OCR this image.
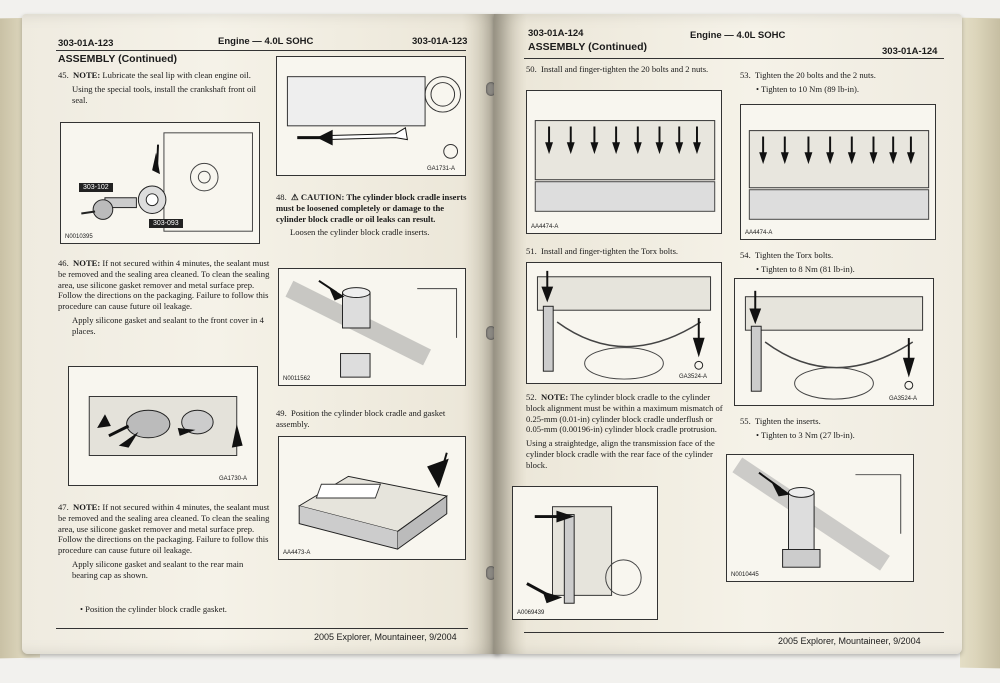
303-01A-123	Engine — 4.0L SOHC	303-01A-123
ASSEMBLY (Continued)

45. NOTE: Lubricate the seal lip with clean engine oil.

Using the special tools, install the crankshaft front oil seal.

303-102
303-093
N0010395

46. NOTE: If not secured within 4 minutes, the sealant must be removed and the sealing area cleaned. To clean the sealing area, use silicone gasket remover and metal surface prep. Follow the directions on the packaging. Failure to follow this procedure can cause future oil leakage.

Apply silicone gasket and sealant to the front cover in 4 places.

GA1730-A

47. NOTE: If not secured within 4 minutes, the sealant must be removed and the sealing area cleaned. To clean the sealing area, use silicone gasket remover and metal surface prep. Follow the directions on the packaging. Failure to follow this procedure can cause future oil leakage.

Apply silicone gasket and sealant to the rear main bearing cap as shown.

• Position the cylinder block cradle gasket.
GA1731-A

48. ⚠ CAUTION: The cylinder block cradle inserts must be loosened completely or damage to the cylinder block cradle or oil leaks can result.

Loosen the cylinder block cradle inserts.

N0011562

49. Position the cylinder block cradle and gasket assembly.

AA4473-A
2005 Explorer, Mountaineer, 9/2004
303-01A-124	Engine — 4.0L SOHC
ASSEMBLY (Continued)	303-01A-124

50. Install and finger-tighten the 20 bolts and 2 nuts.

AA4474-A

51. Install and finger-tighten the Torx bolts.

GA3524-A

52. NOTE: The cylinder block cradle to the cylinder block alignment must be within a maximum mismatch of 0.25-mm (0.01-in) cylinder block cradle underflush or 0.05-mm (0.00196-in) cylinder block cradle protrusion.

Using a straightedge, align the transmission face of the cylinder block cradle with the rear face of the cylinder block.

A0069439

53. Tighten the 20 bolts and the 2 nuts.

• Tighten to 10 Nm (89 lb-in).
AA4474-A

54. Tighten the Torx bolts.

• Tighten to 8 Nm (81 lb-in).
GA3524-A

55. Tighten the inserts.

• Tighten to 3 Nm (27 lb-in).
N0010445
2005 Explorer, Mountaineer, 9/2004
